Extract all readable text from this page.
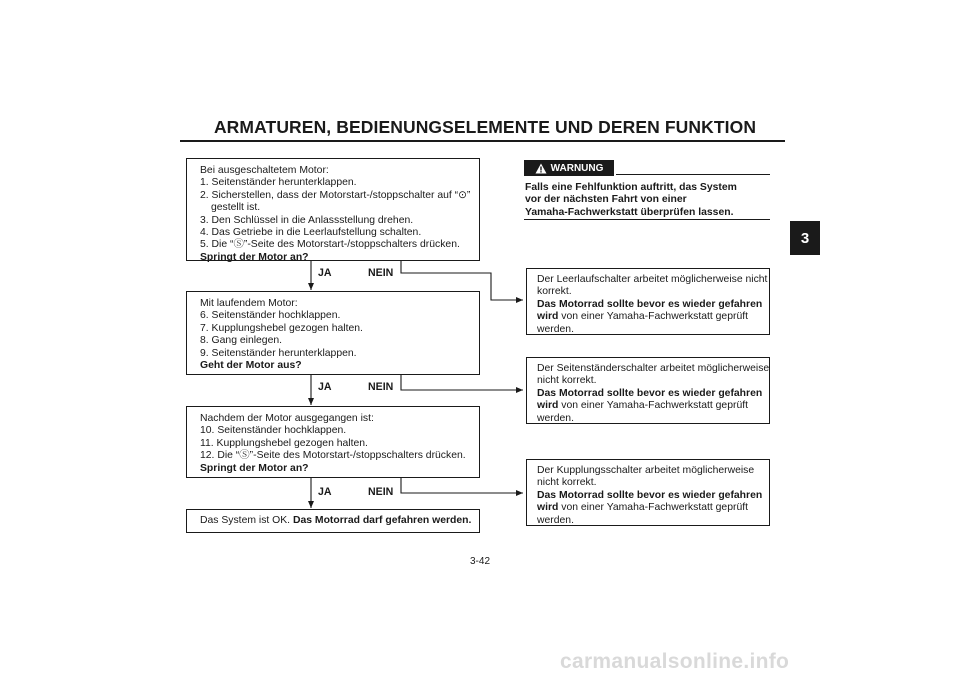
ARMATUREN, BEDIENUNGSELEMENTE UND DEREN FUNKTION
3
Bei ausgeschaltetem Motor:
1. Seitenständer herunterklappen.
2. Sicherstellen, dass der Motorstart-/stoppschalter auf “⊙”
gestellt ist.
3. Den Schlüssel in die Anlassstellung drehen.
4. Das Getriebe in die Leerlaufstellung schalten.
5. Die “Ⓢ”-Seite des Motorstart-/stoppschalters drücken.
Springt der Motor an?
JA	NEIN
Mit laufendem Motor:
6. Seitenständer hochklappen.
7. Kupplungshebel gezogen halten.
8. Gang einlegen.
9. Seitenständer herunterklappen.
Geht der Motor aus?
JA	NEIN
Nachdem der Motor ausgegangen ist:
10. Seitenständer hochklappen.
11. Kupplungshebel gezogen halten.
12. Die “Ⓢ”-Seite des Motorstart-/stoppschalters drücken.
Springt der Motor an?
JA	NEIN
Das System ist OK. Das Motorrad darf gefahren werden.
WARNUNG
Falls eine Fehlfunktion auftritt, das System
vor der nächsten Fahrt von einer
Yamaha-Fachwerkstatt überprüfen lassen.
Der Leerlaufschalter arbeitet möglicherweise nicht
korrekt.
Das Motorrad sollte bevor es wieder gefahren
wird von einer Yamaha-Fachwerkstatt geprüft
werden.
Der Seitenständerschalter arbeitet möglicherweise
nicht korrekt.
Das Motorrad sollte bevor es wieder gefahren
wird von einer Yamaha-Fachwerkstatt geprüft
werden.
Der Kupplungsschalter arbeitet möglicherweise
nicht korrekt.
Das Motorrad sollte bevor es wieder gefahren
wird von einer Yamaha-Fachwerkstatt geprüft
werden.
3-42
carmanualsonline.info
